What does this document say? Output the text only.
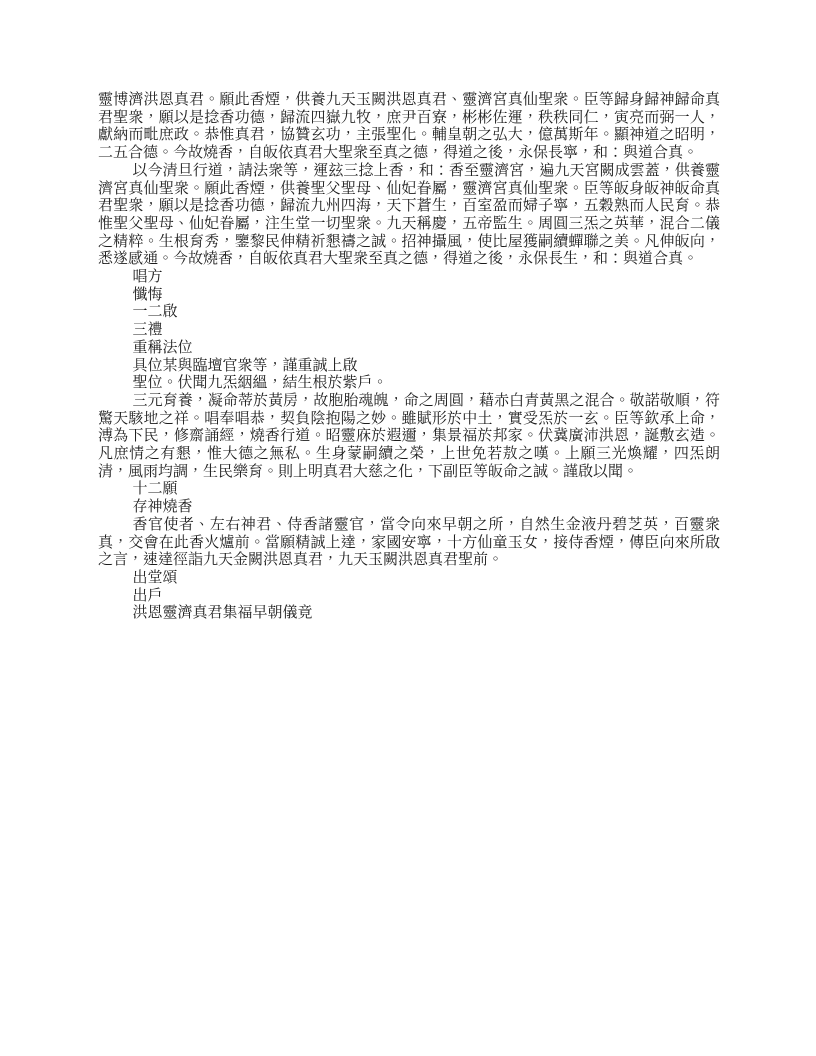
靈博濟洪恩真君。願此香煙，供養九天玉闕洪恩真君、靈濟宮真仙聖衆。臣等歸身歸神歸命真君聖衆，願以是捻香功德，歸流四嶽九牧，庶尹百寮，彬彬佐運，秩秩同仁，寅亮而弼一人，獻納而毗庶政。恭惟真君，協贊玄功，主張聖化。輔皇朝之弘大，億萬斯年。顯神道之昭明，二五合德。今故燒香，自皈依真君大聖衆至真之德，得道之後，永保長寧，和：與道合真。

以今清旦行道，請法衆等，運玆三捻上香，和：香至靈濟宮，遍九天宮闕成雲蓋，供養靈濟宮真仙聖衆。願此香煙，供養聖父聖母、仙妃眷屬，靈濟宮真仙聖衆。臣等皈身皈神皈命真君聖衆，願以是捻香功德，歸流九州四海，天下蒼生，百室盈而婦子寧，五穀熟而人民育。恭惟聖父聖母、仙妃眷屬，注生堂一切聖衆。九天稱慶，五帝監生。周圓三炁之英華，混合二儀之精粹。生根育秀，鑒黎民伸精祈懇禱之誠。招神攝風，使比屋獲嗣續蟬聯之美。凡伸皈向，悉遂感通。今故燒香，自皈依真君大聖衆至真之德，得道之後，永保長生，和：與道合真。

唱方

懺悔

一二啟

三禮

重稱法位

具位某與臨壇官衆等，謹重誠上啟

聖位。伏聞九炁絪縕，結生根於紫戶。

三元育養，凝命蒂於黃房，故胞胎魂魄，命之周圓，藉赤白青黃黑之混合。敬諾敬順，符驚天駭地之祥。唱奉唱恭，契負陰抱陽之妙。雖賦形於中土，實受炁於一玄。臣等欽承上命，溥為下民，修齋誦經，燒香行道。昭靈庥於遐邇，集景福於邦家。伏冀廣沛洪恩，誕敷玄造。凡庶情之有懇，惟大德之無私。生身蒙嗣續之榮，上世免若敖之嘆。上願三光煥耀，四炁朗清，風雨均調，生民樂育。則上明真君大慈之化，下副臣等皈命之誠。謹啟以聞。

十二願

存神燒香

香官使者、左右神君、侍香諸靈官，當令向來早朝之所，自然生金液丹碧芝英，百靈衆真，交會在此香火爐前。當願精誠上達，家國安寧，十方仙童玉女，接侍香煙，傳臣向來所啟之言，速達徑詣九天金闕洪恩真君，九天玉闕洪恩真君聖前。

出堂頌

出戶

洪恩靈濟真君集福早朝儀竟
